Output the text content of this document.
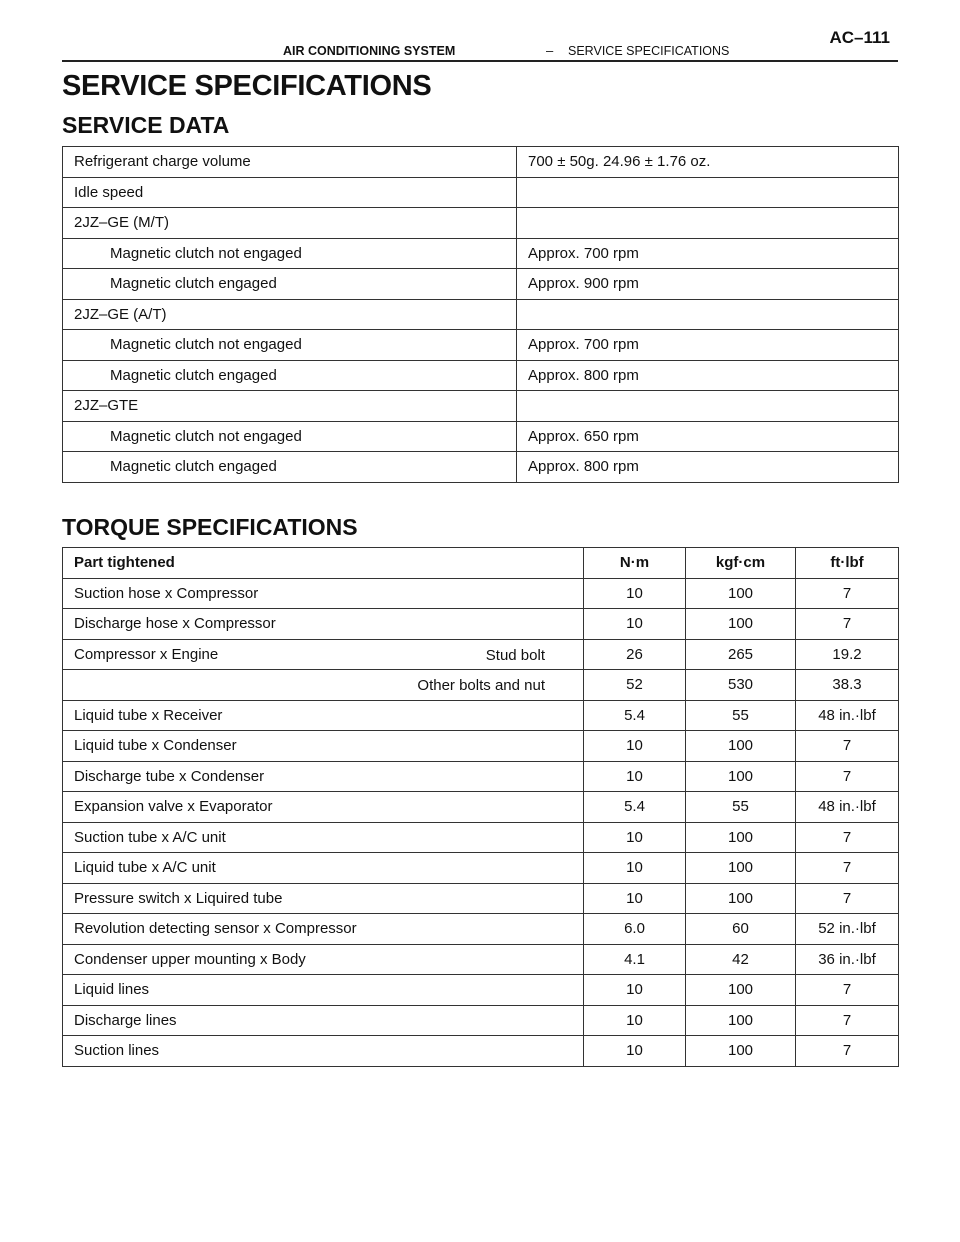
AIR CONDITIONING SYSTEM	– SERVICE SPECIFICATIONS
AC–111
SERVICE SPECIFICATIONS
SERVICE DATA
Refrigerant charge volume	700 ± 50g. 24.96 ± 1.76 oz.
Idle speed	
2JZ–GE (M/T)	
Magnetic clutch not engaged	Approx. 700 rpm
Magnetic clutch engaged	Approx. 900 rpm
2JZ–GE (A/T)	
Magnetic clutch not engaged	Approx. 700 rpm
Magnetic clutch engaged	Approx. 800 rpm
2JZ–GTE	
Magnetic clutch not engaged	Approx. 650 rpm
Magnetic clutch engaged	Approx. 800 rpm
TORQUE SPECIFICATIONS
Part tightened	N·m	kgf·cm	ft·lbf
Suction hose x Compressor	10	100	7
Discharge hose x Compressor	10	100	7
Compressor x Engine Stud bolt	26	265	19.2

Other bolts and nut	52	530	38.3
Liquid tube x Receiver	5.4	55	48 in.·lbf
Liquid tube x Condenser	10	100	7
Discharge tube x Condenser	10	100	7
Expansion valve x Evaporator	5.4	55	48 in.·lbf
Suction tube x A/C unit	10	100	7
Liquid tube x A/C unit	10	100	7
Pressure switch x Liquired tube	10	100	7
Revolution detecting sensor x Compressor	6.0	60	52 in.·lbf
Condenser upper mounting x Body	4.1	42	36 in.·lbf
Liquid lines	10	100	7
Discharge lines	10	100	7
Suction lines	10	100	7
